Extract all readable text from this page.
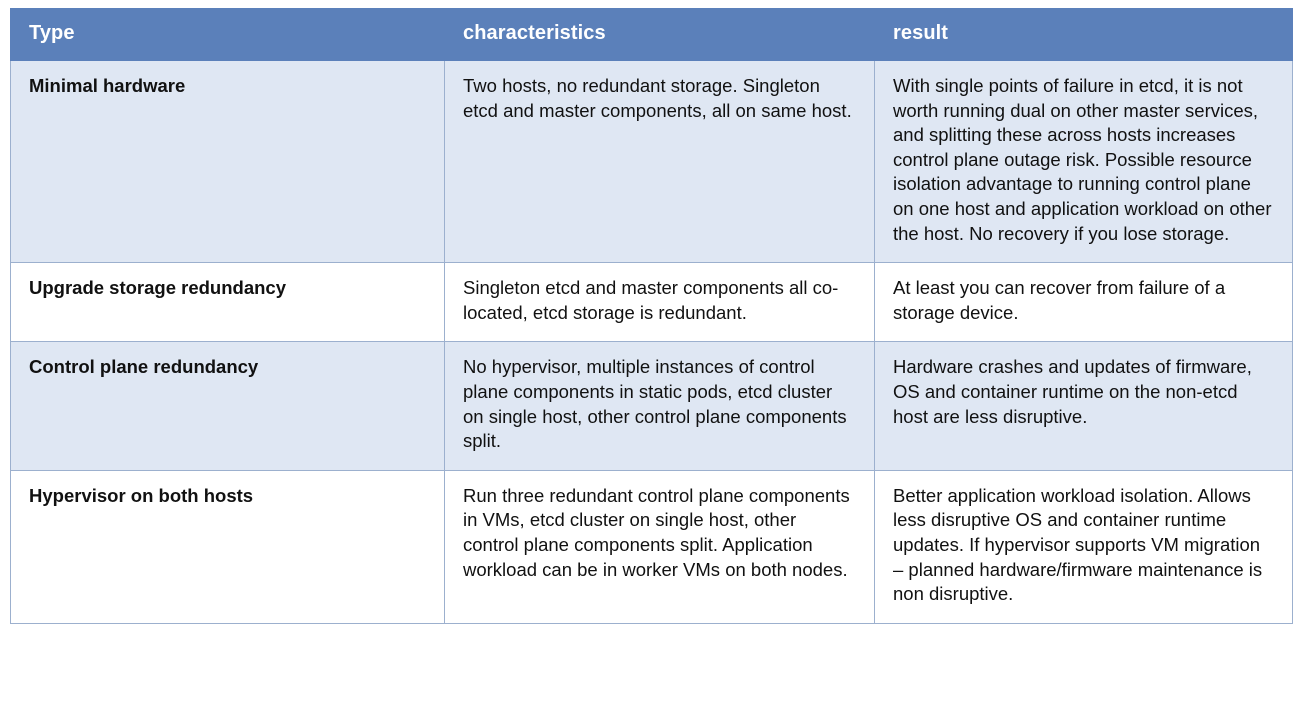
Type	characteristics	result
Minimal hardware	Two hosts, no redundant storage. Singleton etcd and master components, all on same host.	With single points of failure in etcd, it is not worth running dual on other master services, and splitting these across hosts increases control plane outage risk. Possible resource isolation advantage to running control plane on one host and application workload on other the host. No recovery if you lose storage.
Upgrade storage redundancy	Singleton etcd and master components all co-located, etcd storage is redundant.	At least you can recover from failure of a storage device.
Control plane redundancy	No hypervisor, multiple instances of control plane components in static pods, etcd cluster on single host, other control plane components split.	Hardware crashes and updates of firmware, OS and container runtime on the non-etcd host are less disruptive.
Hypervisor on both hosts	Run three redundant control plane components in VMs, etcd cluster on single host, other control plane components split. Application workload can be in worker VMs on both nodes.	Better application workload isolation. Allows less disruptive OS and container runtime updates. If hypervisor supports VM migration – planned hardware/firmware maintenance is non disruptive.
